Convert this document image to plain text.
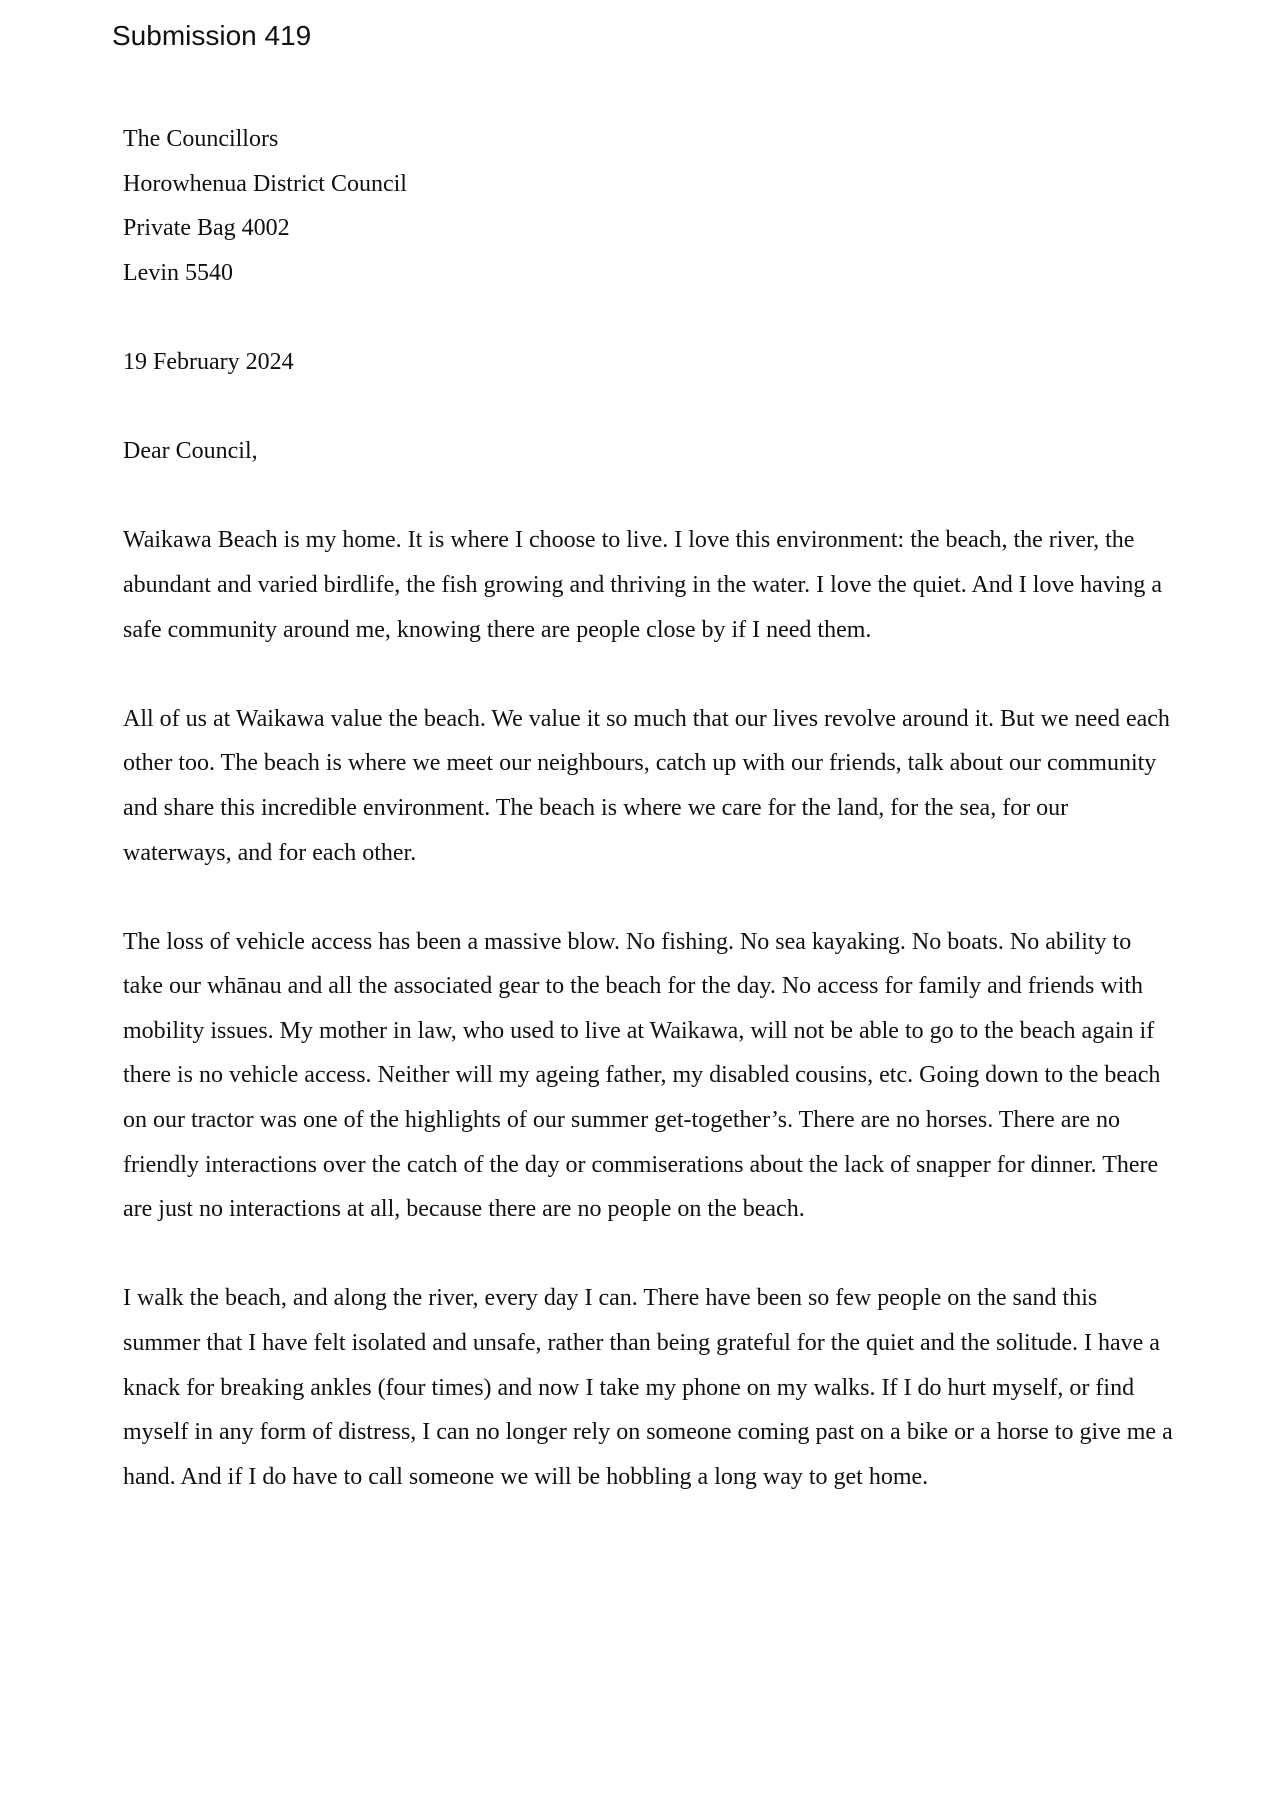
Submission 419
The Councillors
Horowhenua District Council
Private Bag 4002
Levin 5540
19 February 2024
Dear Council,

Waikawa Beach is my home. It is where I choose to live. I love this environment: the beach, the river, the abundant and varied birdlife, the fish growing and thriving in the water. I love the quiet. And I love having a safe community around me, knowing there are people close by if I need them.

All of us at Waikawa value the beach. We value it so much that our lives revolve around it. But we need each other too. The beach is where we meet our neighbours, catch up with our friends, talk about our community and share this incredible environment. The beach is where we care for the land, for the sea, for our waterways, and for each other.

The loss of vehicle access has been a massive blow. No fishing. No sea kayaking. No boats. No ability to take our whānau and all the associated gear to the beach for the day. No access for family and friends with mobility issues. My mother in law, who used to live at Waikawa, will not be able to go to the beach again if there is no vehicle access. Neither will my ageing father, my disabled cousins, etc. Going down to the beach on our tractor was one of the highlights of our summer get-together’s. There are no horses. There are no friendly interactions over the catch of the day or commiserations about the lack of snapper for dinner. There are just no interactions at all, because there are no people on the beach.

I walk the beach, and along the river, every day I can. There have been so few people on the sand this summer that I have felt isolated and unsafe, rather than being grateful for the quiet and the solitude. I have a knack for breaking ankles (four times) and now I take my phone on my walks. If I do hurt myself, or find myself in any form of distress, I can no longer rely on someone coming past on a bike or a horse to give me a hand. And if I do have to call someone we will be hobbling a long way to get home.
